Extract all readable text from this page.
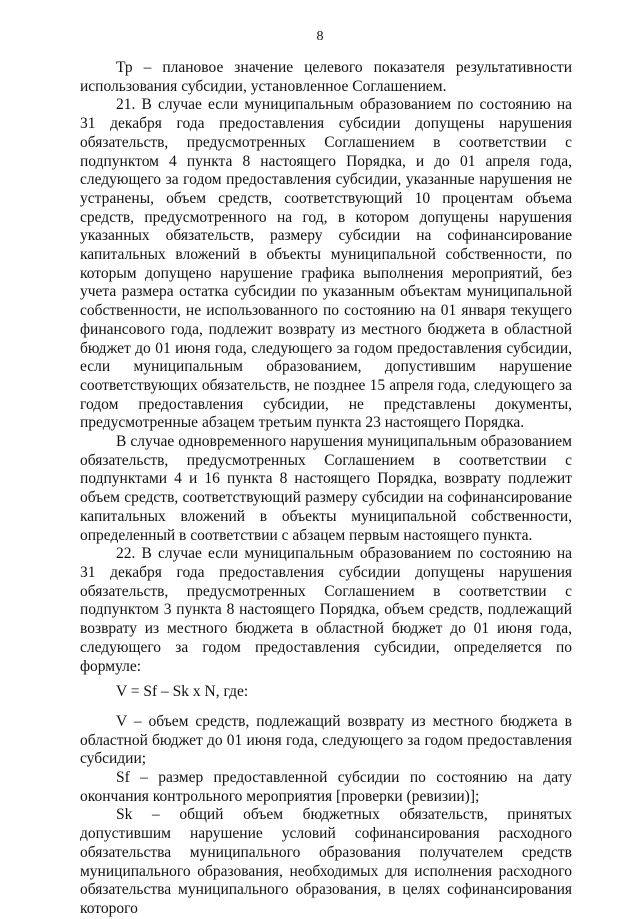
8

Тр – плановое значение целевого показателя результативности использования субсидии, установленное Соглашением.

21. В случае если муниципальным образованием по состоянию на 31 декабря года предоставления субсидии допущены нарушения обязательств, предусмотренных Соглашением в соответствии с подпунктом 4 пункта 8 настоящего Порядка, и до 01 апреля года, следующего за годом предоставления субсидии, указанные нарушения не устранены, объем средств, соответствующий 10 процентам объема средств, предусмотренного на год, в котором допущены нарушения указанных обязательств, размеру субсидии на софинансирование капитальных вложений в объекты муниципальной собственности, по которым допущено нарушение графика выполнения мероприятий, без учета размера остатка субсидии по указанным объектам муниципальной собственности, не использованного по состоянию на 01 января текущего финансового года, подлежит возврату из местного бюджета в областной бюджет до 01 июня года, следующего за годом предоставления субсидии, если муниципальным образованием, допустившим нарушение соответствующих обязательств, не позднее 15 апреля года, следующего за годом предоставления субсидии, не представлены документы, предусмотренные абзацем третьим пункта 23 настоящего Порядка.

В случае одновременного нарушения муниципальным образованием обязательств, предусмотренных Соглашением в соответствии с подпунктами 4 и 16 пункта 8 настоящего Порядка, возврату подлежит объем средств, соответствующий размеру субсидии на софинансирование капитальных вложений в объекты муниципальной собственности, определенный в соответствии с абзацем первым настоящего пункта.

22. В случае если муниципальным образованием по состоянию на 31 декабря года предоставления субсидии допущены нарушения обязательств, предусмотренных Соглашением в соответствии с подпунктом 3 пункта 8 настоящего Порядка, объем средств, подлежащий возврату из местного бюджета в областной бюджет до 01 июня года, следующего за годом предоставления субсидии, определяется по формуле:

V = Sf – Sk x N, где:

V – объем средств, подлежащий возврату из местного бюджета в областной бюджет до 01 июня года, следующего за годом предоставления субсидии;

Sf – размер предоставленной субсидии по состоянию на дату окончания контрольного мероприятия [проверки (ревизии)];

Sk – общий объем бюджетных обязательств, принятых допустившим нарушение условий софинансирования расходного обязательства муниципального образования получателем средств муниципального образования, необходимых для исполнения расходного обязательства муниципального образования, в целях софинансирования которого
